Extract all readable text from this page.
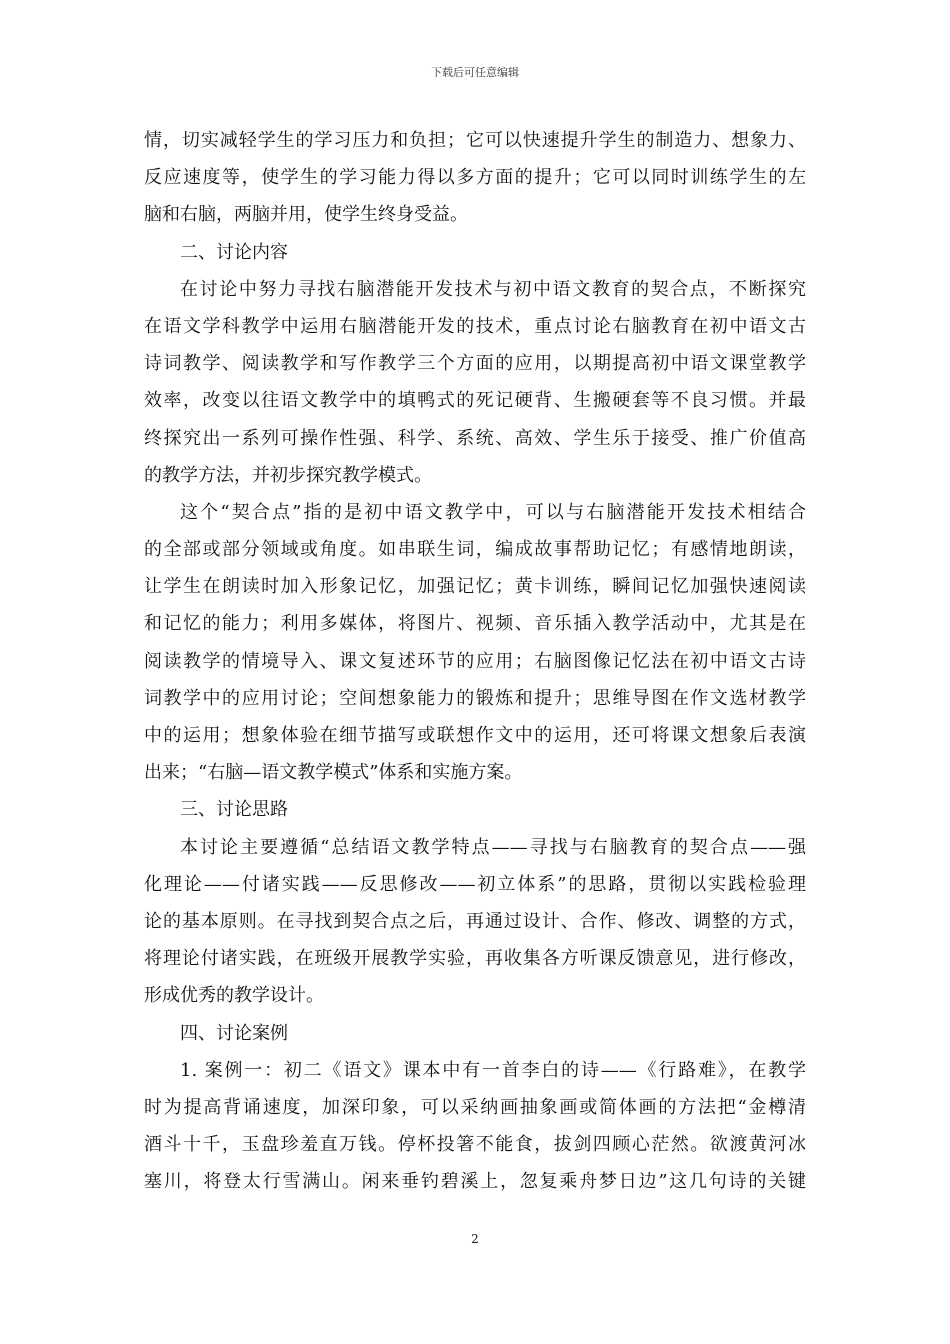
下载后可任意编辑
情，切实减轻学生的学习压力和负担；它可以快速提升学生的制造力、想象力、
反应速度等，使学生的学习能力得以多方面的提升；它可以同时训练学生的左
脑和右脑，两脑并用，使学生终身受益。
二、讨论内容
在讨论中努力寻找右脑潜能开发技术与初中语文教育的契合点，不断探究
在语文学科教学中运用右脑潜能开发的技术，重点讨论右脑教育在初中语文古
诗词教学、阅读教学和写作教学三个方面的应用，以期提高初中语文课堂教学
效率，改变以往语文教学中的填鸭式的死记硬背、生搬硬套等不良习惯。并最
终探究出一系列可操作性强、科学、系统、高效、学生乐于接受、推广价值高
的教学方法，并初步探究教学模式。
这个“契合点”指的是初中语文教学中，可以与右脑潜能开发技术相结合
的全部或部分领域或角度。如串联生词，编成故事帮助记忆；有感情地朗读，
让学生在朗读时加入形象记忆，加强记忆；黄卡训练，瞬间记忆加强快速阅读
和记忆的能力；利用多媒体，将图片、视频、音乐插入教学活动中，尤其是在
阅读教学的情境导入、课文复述环节的应用；右脑图像记忆法在初中语文古诗
词教学中的应用讨论；空间想象能力的锻炼和提升；思维导图在作文选材教学
中的运用；想象体验在细节描写或联想作文中的运用，还可将课文想象后表演
出来；“右脑—语文教学模式”体系和实施方案。
三、讨论思路
本讨论主要遵循“总结语文教学特点——寻找与右脑教育的契合点——强
化理论——付诸实践——反思修改——初立体系”的思路，贯彻以实践检验理
论的基本原则。在寻找到契合点之后，再通过设计、合作、修改、调整的方式，
将理论付诸实践，在班级开展教学实验，再收集各方听课反馈意见，进行修改，
形成优秀的教学设计。
四、讨论案例
1. 案例一：初二《语文》课本中有一首李白的诗——《行路难》，在教学
时为提高背诵速度，加深印象，可以采纳画抽象画或简体画的方法把“金樽清
酒斗十千，玉盘珍羞直万钱。停杯投箸不能食，拔剑四顾心茫然。欲渡黄河冰
塞川，将登太行雪满山。闲来垂钓碧溪上，忽复乘舟梦日边”这几句诗的关键
2
